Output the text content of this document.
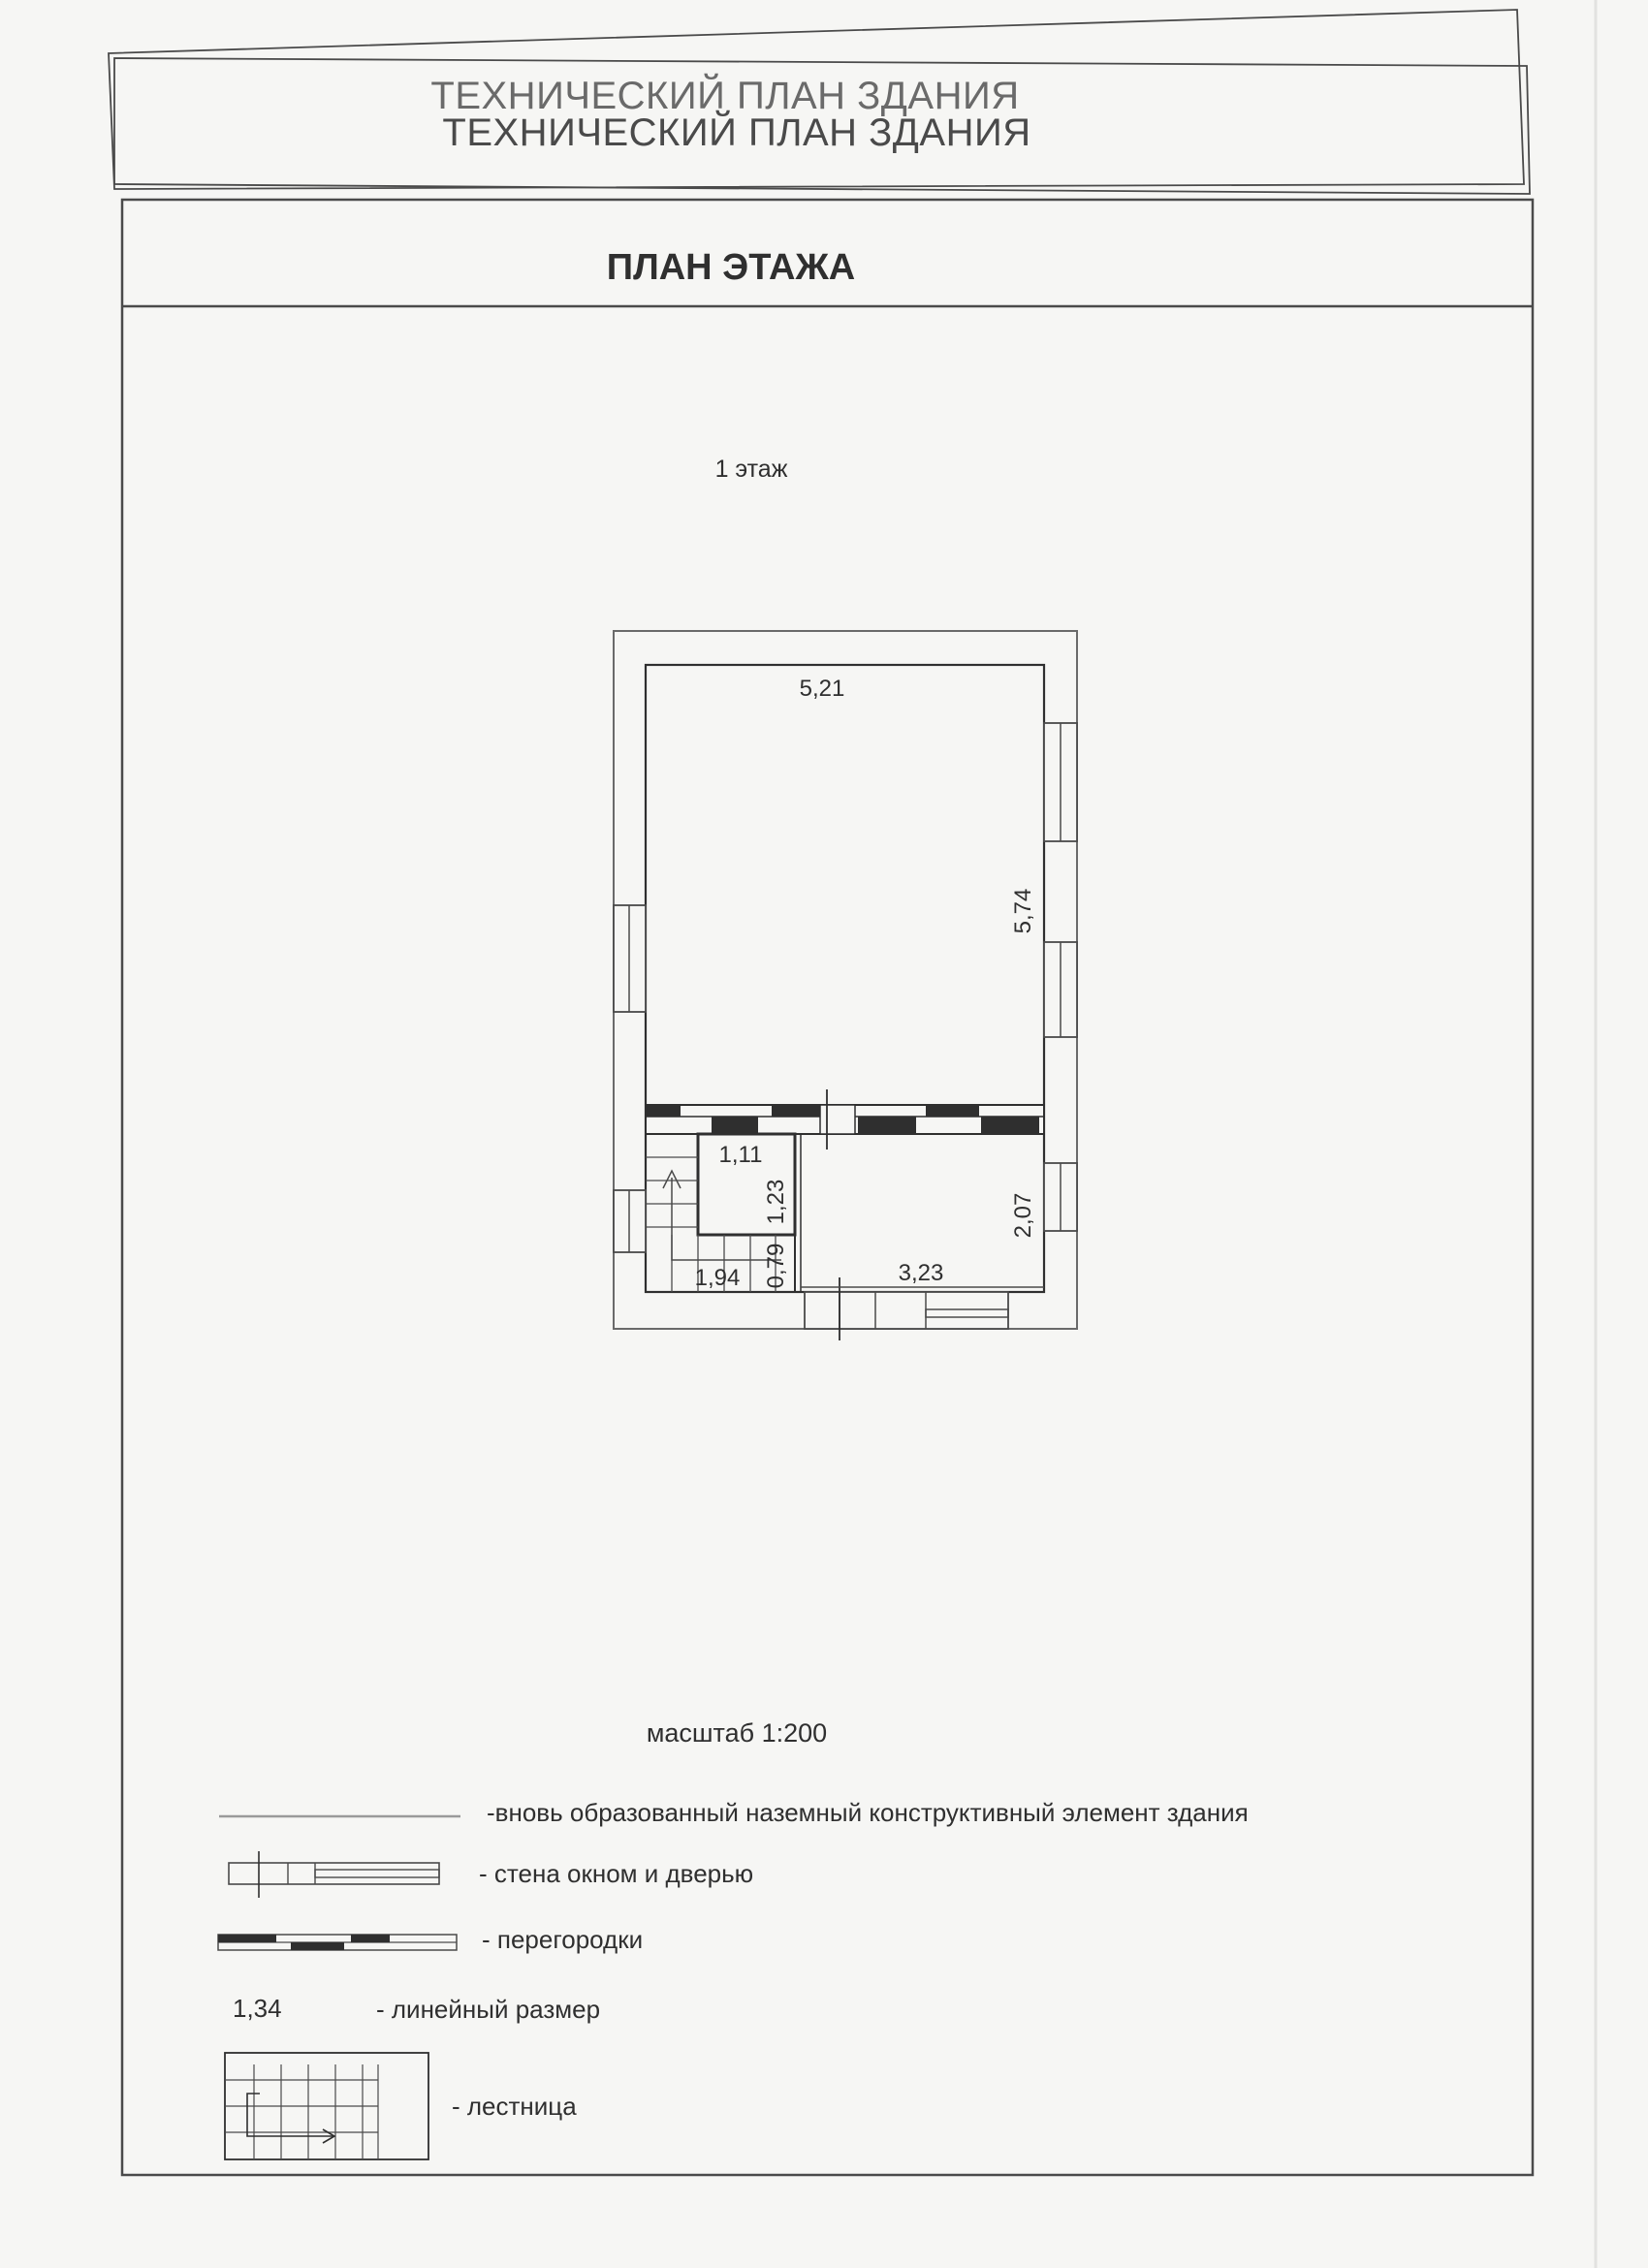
ТЕХНИЧЕСКИЙ ПЛАН ЗДАНИЯ
ТЕХНИЧЕСКИЙ ПЛАН ЗДАНИЯ
ПЛАН ЭТАЖА
1 этаж
5,21
5,74
1,11
1,23
0,79
1,94	3,23
2,07
масштаб 1:200
-вновь образованный наземный конструктивный элемент здания
- стена окном и дверью
- перегородки
1,34	- линейный размер
- лестница
